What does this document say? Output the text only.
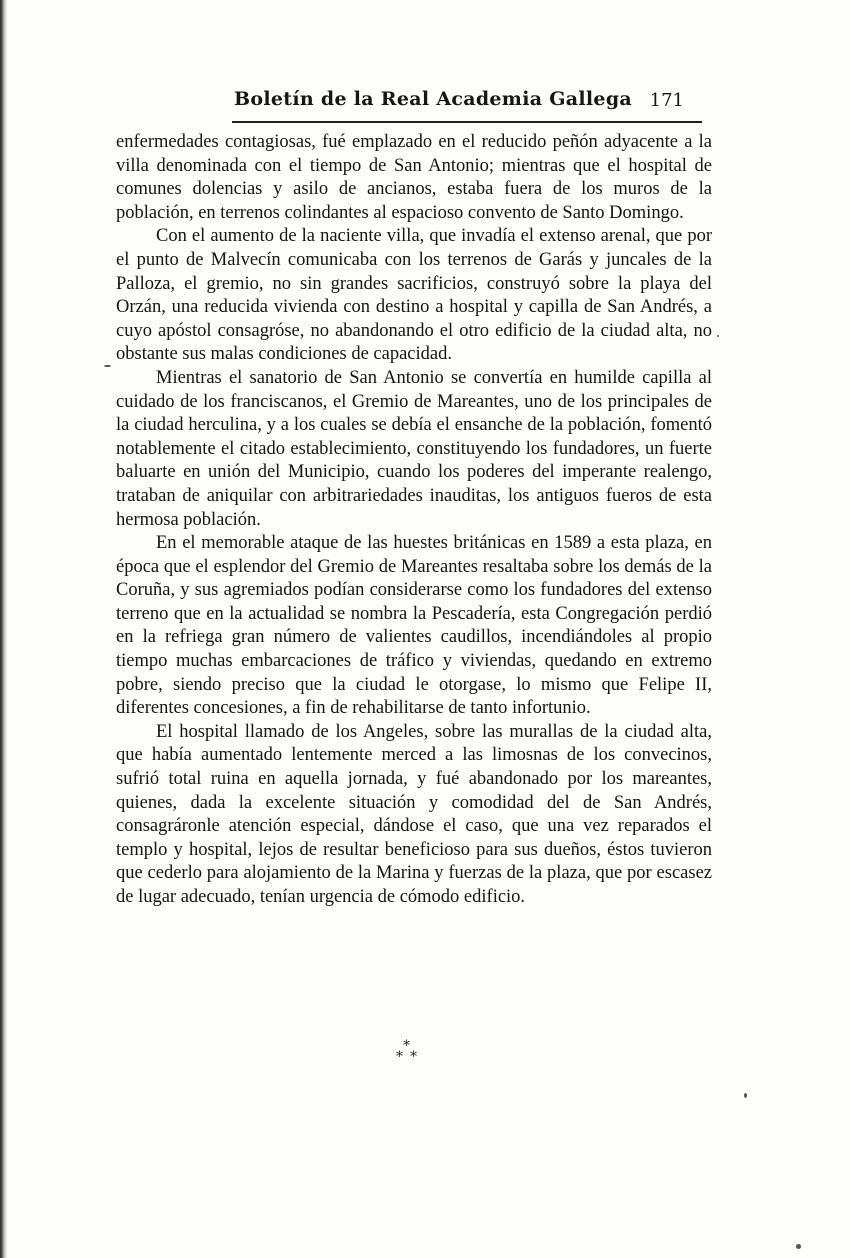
Boletín de la Real Academia Gallega 171

enfermedades contagiosas, fué emplazado en el reducido peñón adyacente a la villa denominada con el tiempo de San Antonio; mientras que el hospital de comunes dolencias y asilo de ancianos, estaba fuera de los muros de la población, en terrenos colindantes al espacioso convento de Santo Domingo.

Con el aumento de la naciente villa, que invadía el extenso arenal, que por el punto de Malvecín comunicaba con los terrenos de Garás y juncales de la Palloza, el gremio, no sin grandes sacrificios, construyó sobre la playa del Orzán, una reducida vivienda con destino a hospital y capilla de San Andrés, a cuyo apóstol consagróse, no abandonando el otro edificio de la ciudad alta, no obstante sus malas condiciones de capacidad.

Mientras el sanatorio de San Antonio se convertía en humilde capilla al cuidado de los franciscanos, el Gremio de Mareantes, uno de los principales de la ciudad herculina, y a los cuales se debía el ensanche de la población, fomentó notablemente el citado establecimiento, constituyendo los fundadores, un fuerte baluarte en unión del Municipio, cuando los poderes del imperante realengo, trataban de aniquilar con arbitrariedades inauditas, los antiguos fueros de esta hermosa población.

En el memorable ataque de las huestes británicas en 1589 a esta plaza, en época que el esplendor del Gremio de Mareantes resaltaba sobre los demás de la Coruña, y sus agremiados podían considerarse como los fundadores del extenso terreno que en la actualidad se nombra la Pescadería, esta Congregación perdió en la refriega gran número de valientes caudillos, incendiándoles al propio tiempo muchas embarcaciones de tráfico y viviendas, quedando en extremo pobre, siendo preciso que la ciudad le otorgase, lo mismo que Felipe II, diferentes concesiones, a fin de rehabilitarse de tanto infortunio.

El hospital llamado de los Angeles, sobre las murallas de la ciudad alta, que había aumentado lentemente merced a las limosnas de los convecinos, sufrió total ruina en aquella jornada, y fué abandonado por los mareantes, quienes, dada la excelente situación y comodidad del de San Andrés, consagráronle atención especial, dándose el caso, que una vez reparados el templo y hospital, lejos de resultar beneficioso para sus dueños, éstos tuvieron que cederlo para alojamiento de la Marina y fuerzas de la plaza, que por escasez de lugar adecuado, tenían urgencia de cómodo edificio.

*
* *
